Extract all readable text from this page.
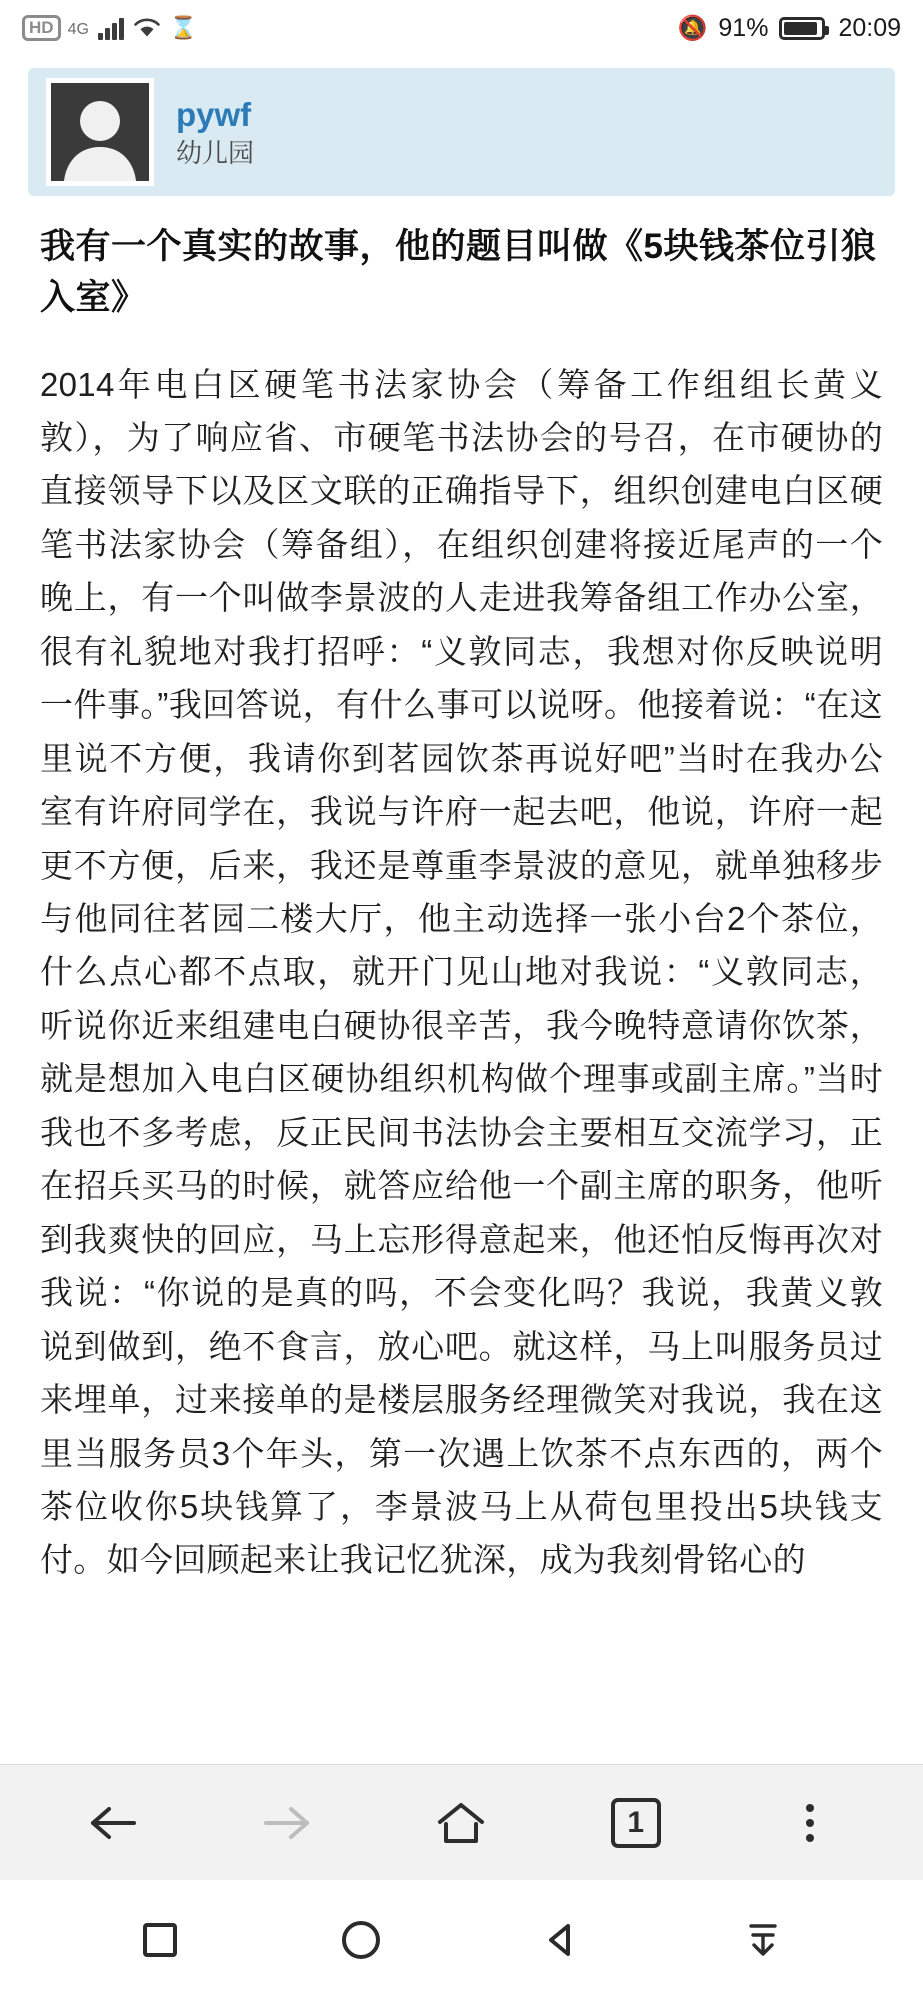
HD 4G	⌛	🔕 91%	20:09
pywf
幼儿园
我有一个真实的故事，他的题目叫做《5块钱茶位引狼入室》

2014年电白区硬笔书法家协会（筹备工作组组长黄义敦），为了响应省、市硬笔书法协会的号召，在市硬协的直接领导下以及区文联的正确指导下，组织创建电白区硬笔书法家协会（筹备组），在组织创建将接近尾声的一个晚上，有一个叫做李景波的人走进我筹备组工作办公室，很有礼貌地对我打招呼：“义敦同志，我想对你反映说明一件事。”我回答说，有什么事可以说呀。他接着说：“在这里说不方便，我请你到茗园饮茶再说好吧”当时在我办公室有许府同学在，我说与许府一起去吧，他说，许府一起更不方便，后来，我还是尊重李景波的意见，就单独移步与他同往茗园二楼大厅，他主动选择一张小台2个茶位，什么点心都不点取，就开门见山地对我说：“义敦同志，听说你近来组建电白硬协很辛苦，我今晚特意请你饮茶，就是想加入电白区硬协组织机构做个理事或副主席。”当时我也不多考虑，反正民间书法协会主要相互交流学习，正在招兵买马的时候，就答应给他一个副主席的职务，他听到我爽快的回应，马上忘形得意起来，他还怕反悔再次对我说：“你说的是真的吗，不会变化吗？我说，我黄义敦说到做到，绝不食言，放心吧。就这样，马上叫服务员过来埋单，过来接单的是楼层服务经理微笑对我说，我在这里当服务员3个年头，第一次遇上饮茶不点东西的，两个茶位收你5块钱算了，李景波马上从荷包里投出5块钱支付。如今回顾起来让我记忆犹深，成为我刻骨铭心的

1
